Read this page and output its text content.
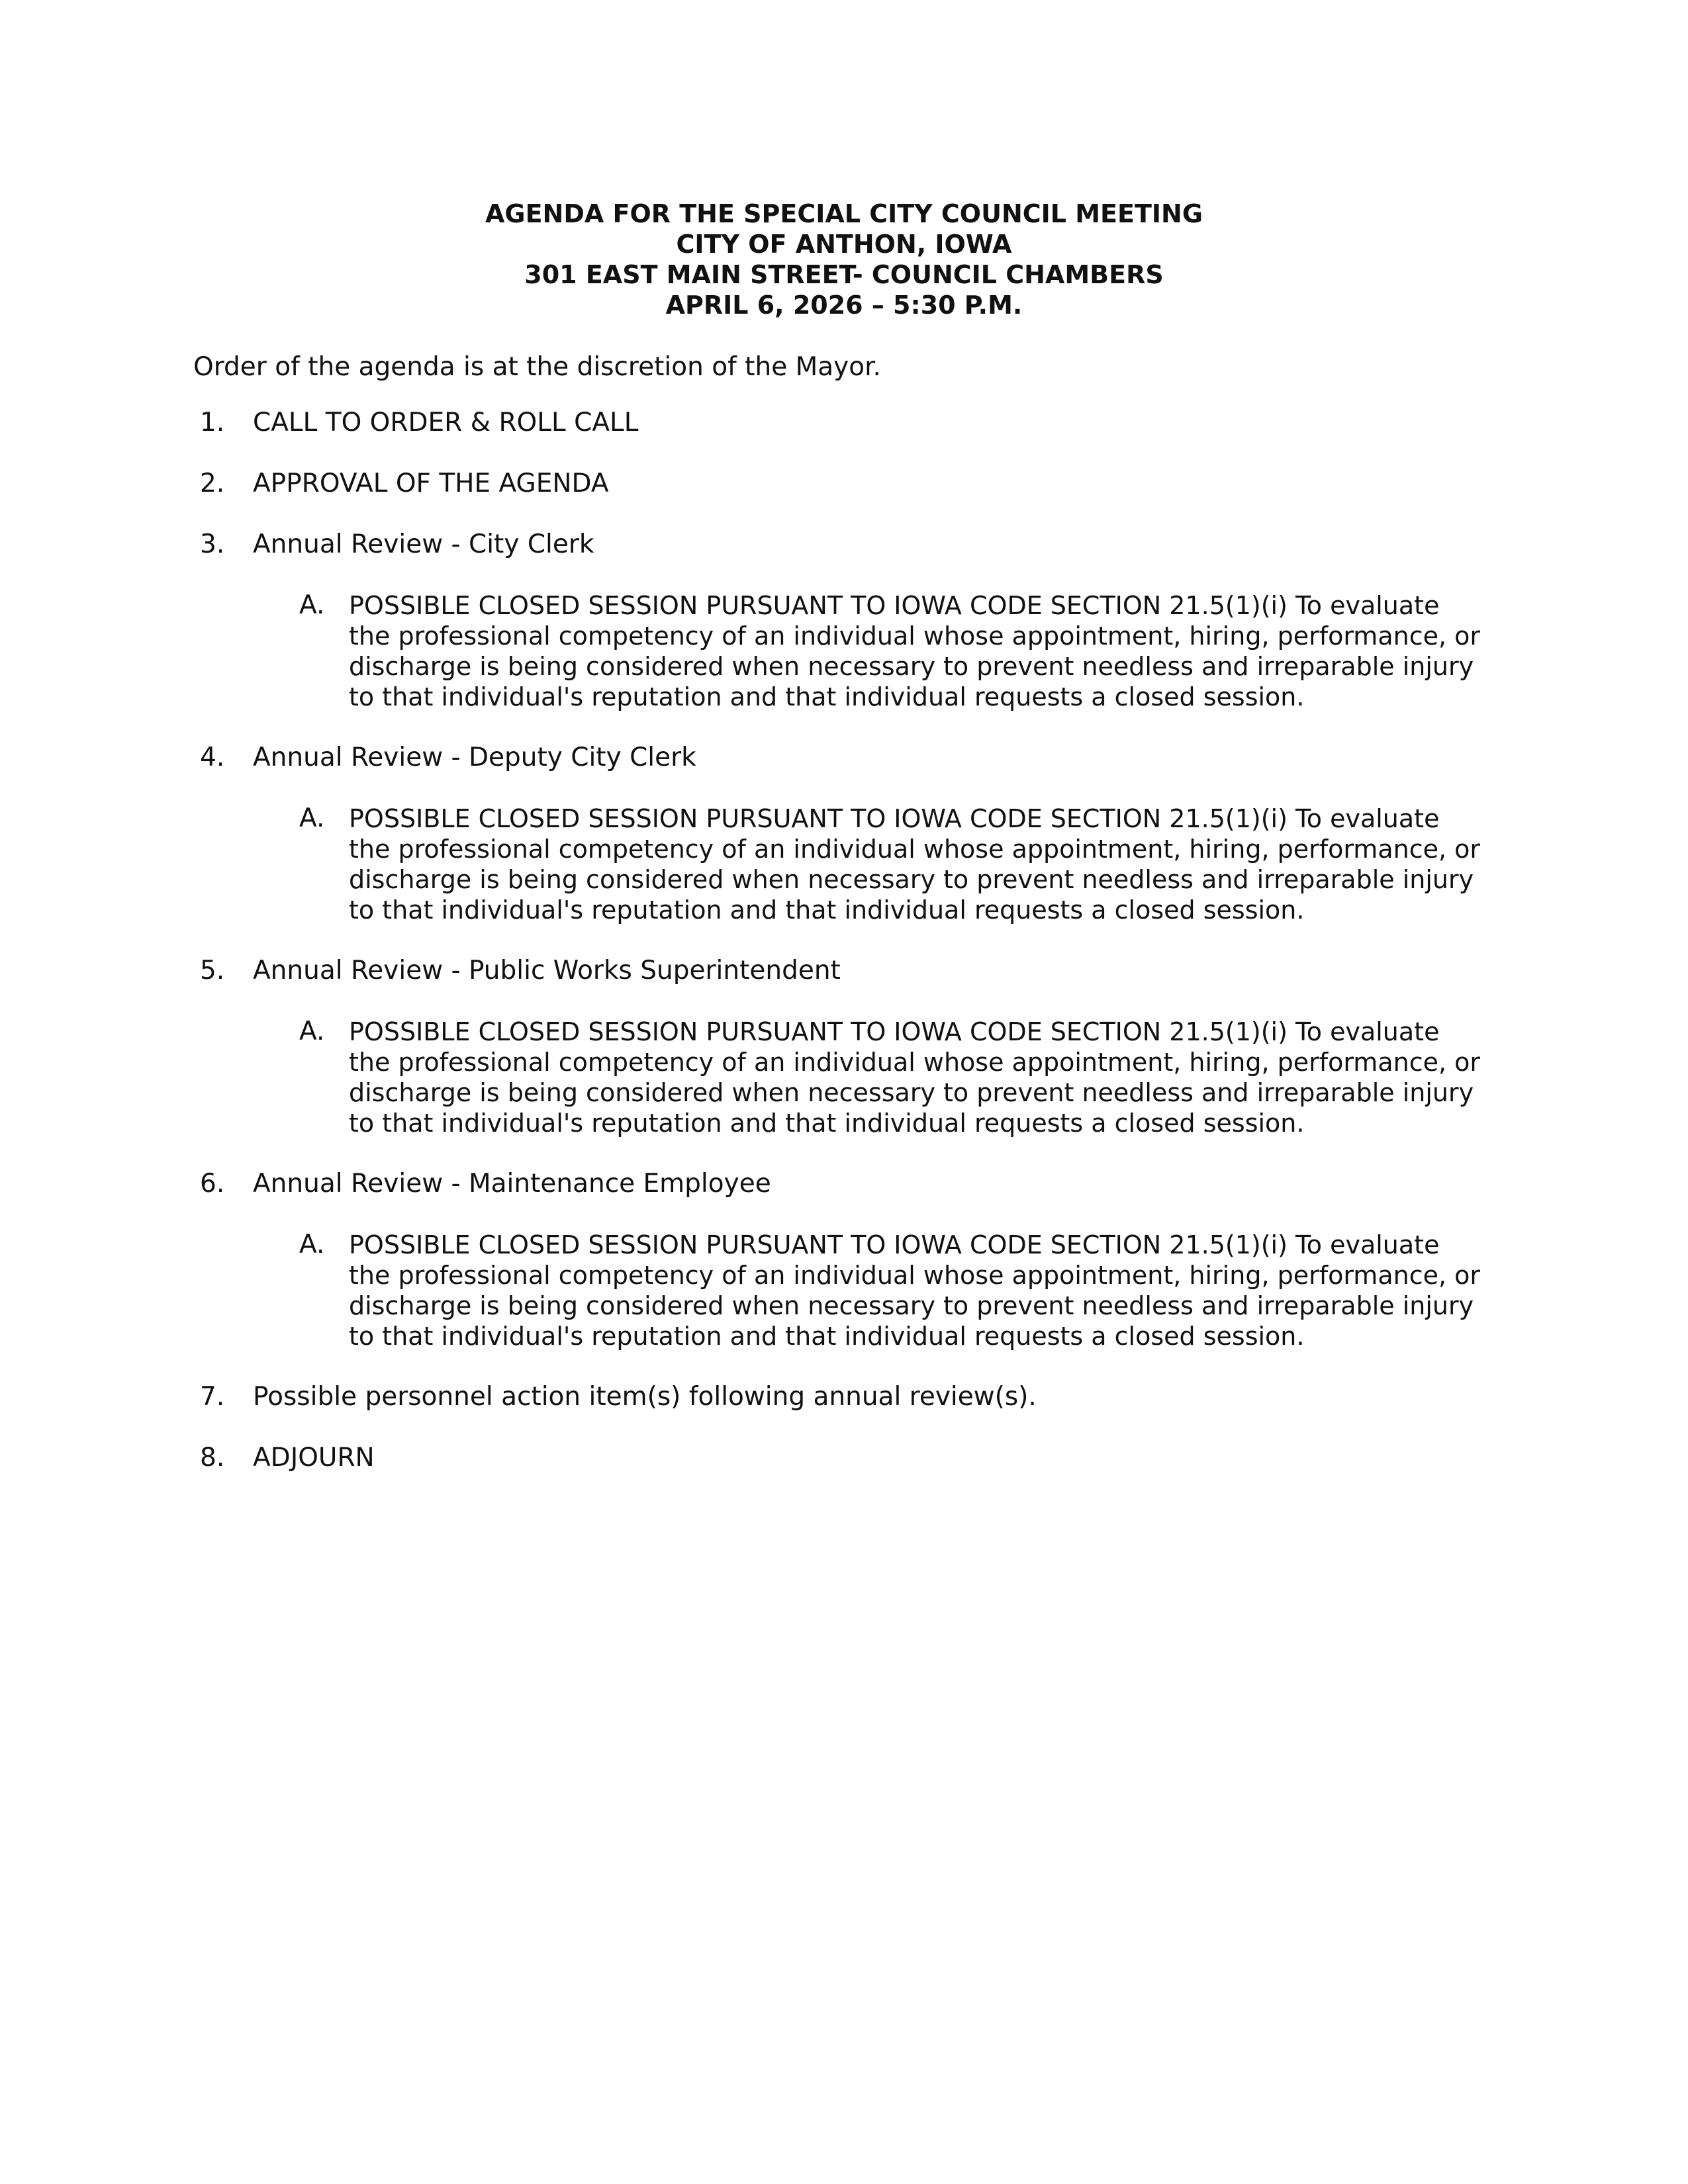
AGENDA FOR THE SPECIAL CITY COUNCIL MEETING
CITY OF ANTHON, IOWA
301 EAST MAIN STREET- COUNCIL CHAMBERS
APRIL 6, 2026 – 5:30 P.M.
Order of the agenda is at the discretion of the Mayor.
1.	CALL TO ORDER & ROLL CALL
2.	APPROVAL OF THE AGENDA
3.	Annual Review - City Clerk
A. POSSIBLE CLOSED SESSION PURSUANT TO IOWA CODE SECTION 21.5(1)(i) To evaluate
the professional competency of an individual whose appointment, hiring, performance, or
discharge is being considered when necessary to prevent needless and irreparable injury
to that individual's reputation and that individual requests a closed session.
4.	Annual Review - Deputy City Clerk
A. POSSIBLE CLOSED SESSION PURSUANT TO IOWA CODE SECTION 21.5(1)(i) To evaluate
the professional competency of an individual whose appointment, hiring, performance, or
discharge is being considered when necessary to prevent needless and irreparable injury
to that individual's reputation and that individual requests a closed session.
5.	Annual Review - Public Works Superintendent
A. POSSIBLE CLOSED SESSION PURSUANT TO IOWA CODE SECTION 21.5(1)(i) To evaluate
the professional competency of an individual whose appointment, hiring, performance, or
discharge is being considered when necessary to prevent needless and irreparable injury
to that individual's reputation and that individual requests a closed session.
6.	Annual Review - Maintenance Employee
A. POSSIBLE CLOSED SESSION PURSUANT TO IOWA CODE SECTION 21.5(1)(i) To evaluate
the professional competency of an individual whose appointment, hiring, performance, or
discharge is being considered when necessary to prevent needless and irreparable injury
to that individual's reputation and that individual requests a closed session.
7.	Possible personnel action item(s) following annual review(s).
8.	ADJOURN
